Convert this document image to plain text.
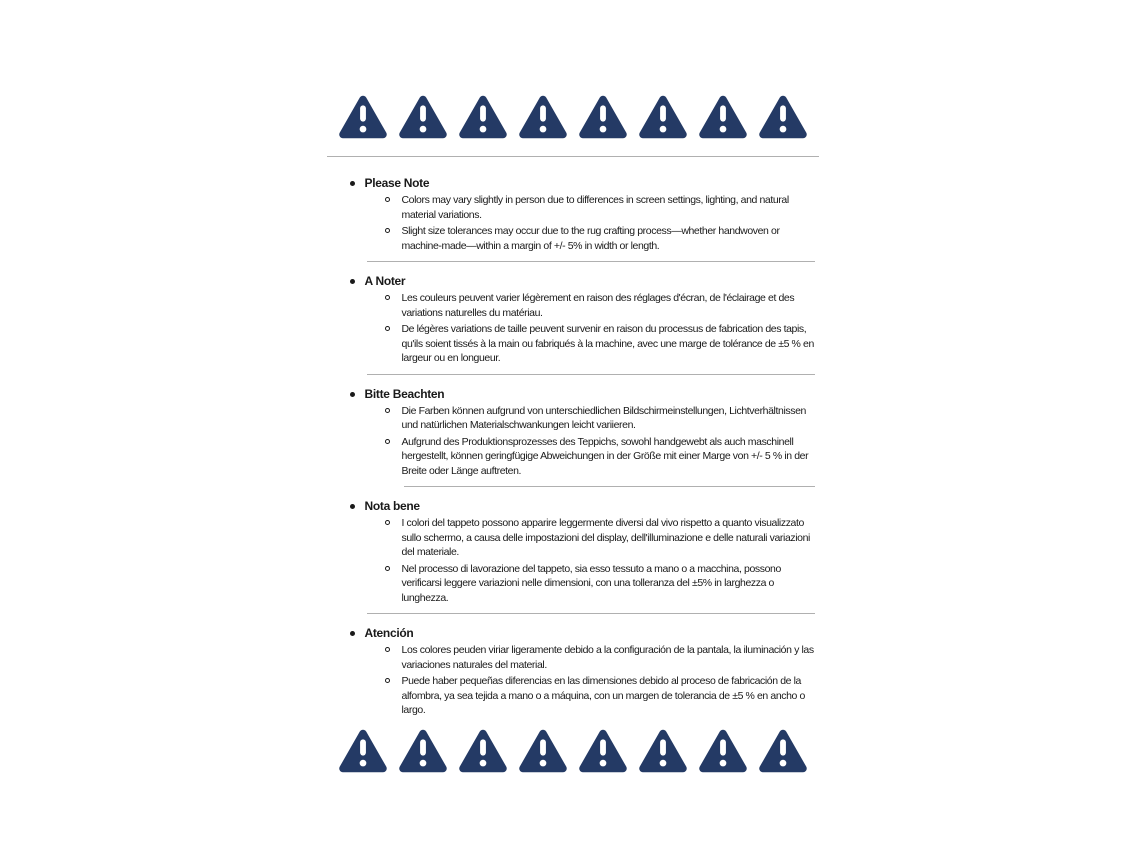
Please Note

Colors may vary slightly in person due to differences in screen settings, lighting, and natural material variations.

Slight size tolerances may occur due to the rug crafting process—whether handwoven or machine-made—within a margin of +/- 5% in width or length.

A Noter

Les couleurs peuvent varier légèrement en raison des réglages d'écran, de l'éclairage et des variations naturelles du matériau.

De légères variations de taille peuvent survenir en raison du processus de fabrication des tapis, qu'ils soient tissés à la main ou fabriqués à la machine, avec une marge de tolérance de ±5 % en largeur ou en longueur.

Bitte Beachten

Die Farben können aufgrund von unterschiedlichen Bildschirmeinstellungen, Lichtverhältnissen und natürlichen Materialschwankungen leicht variieren.

Aufgrund des Produktionsprozesses des Teppichs, sowohl handgewebt als auch maschinell hergestellt, können geringfügige Abweichungen in der Größe mit einer Marge von +/- 5 % in der Breite oder Länge auftreten.

Nota bene

I colori del tappeto possono apparire leggermente diversi dal vivo rispetto a quanto visualizzato sullo schermo, a causa delle impostazioni del display, dell'illuminazione e delle naturali variazioni del materiale.

Nel processo di lavorazione del tappeto, sia esso tessuto a mano o a macchina, possono verificarsi leggere variazioni nelle dimensioni, con una tolleranza del ±5% in larghezza o lunghezza.

Atención

Los colores peuden viriar ligeramente debido a la configuración de la pantala, la iluminación y las variaciones naturales del material.

Puede haber pequeñas diferencias en las dimensiones debido al proceso de fabricación de la alfombra, ya sea tejida a mano o a máquina, con un margen de tolerancia de ±5 % en ancho o largo.
